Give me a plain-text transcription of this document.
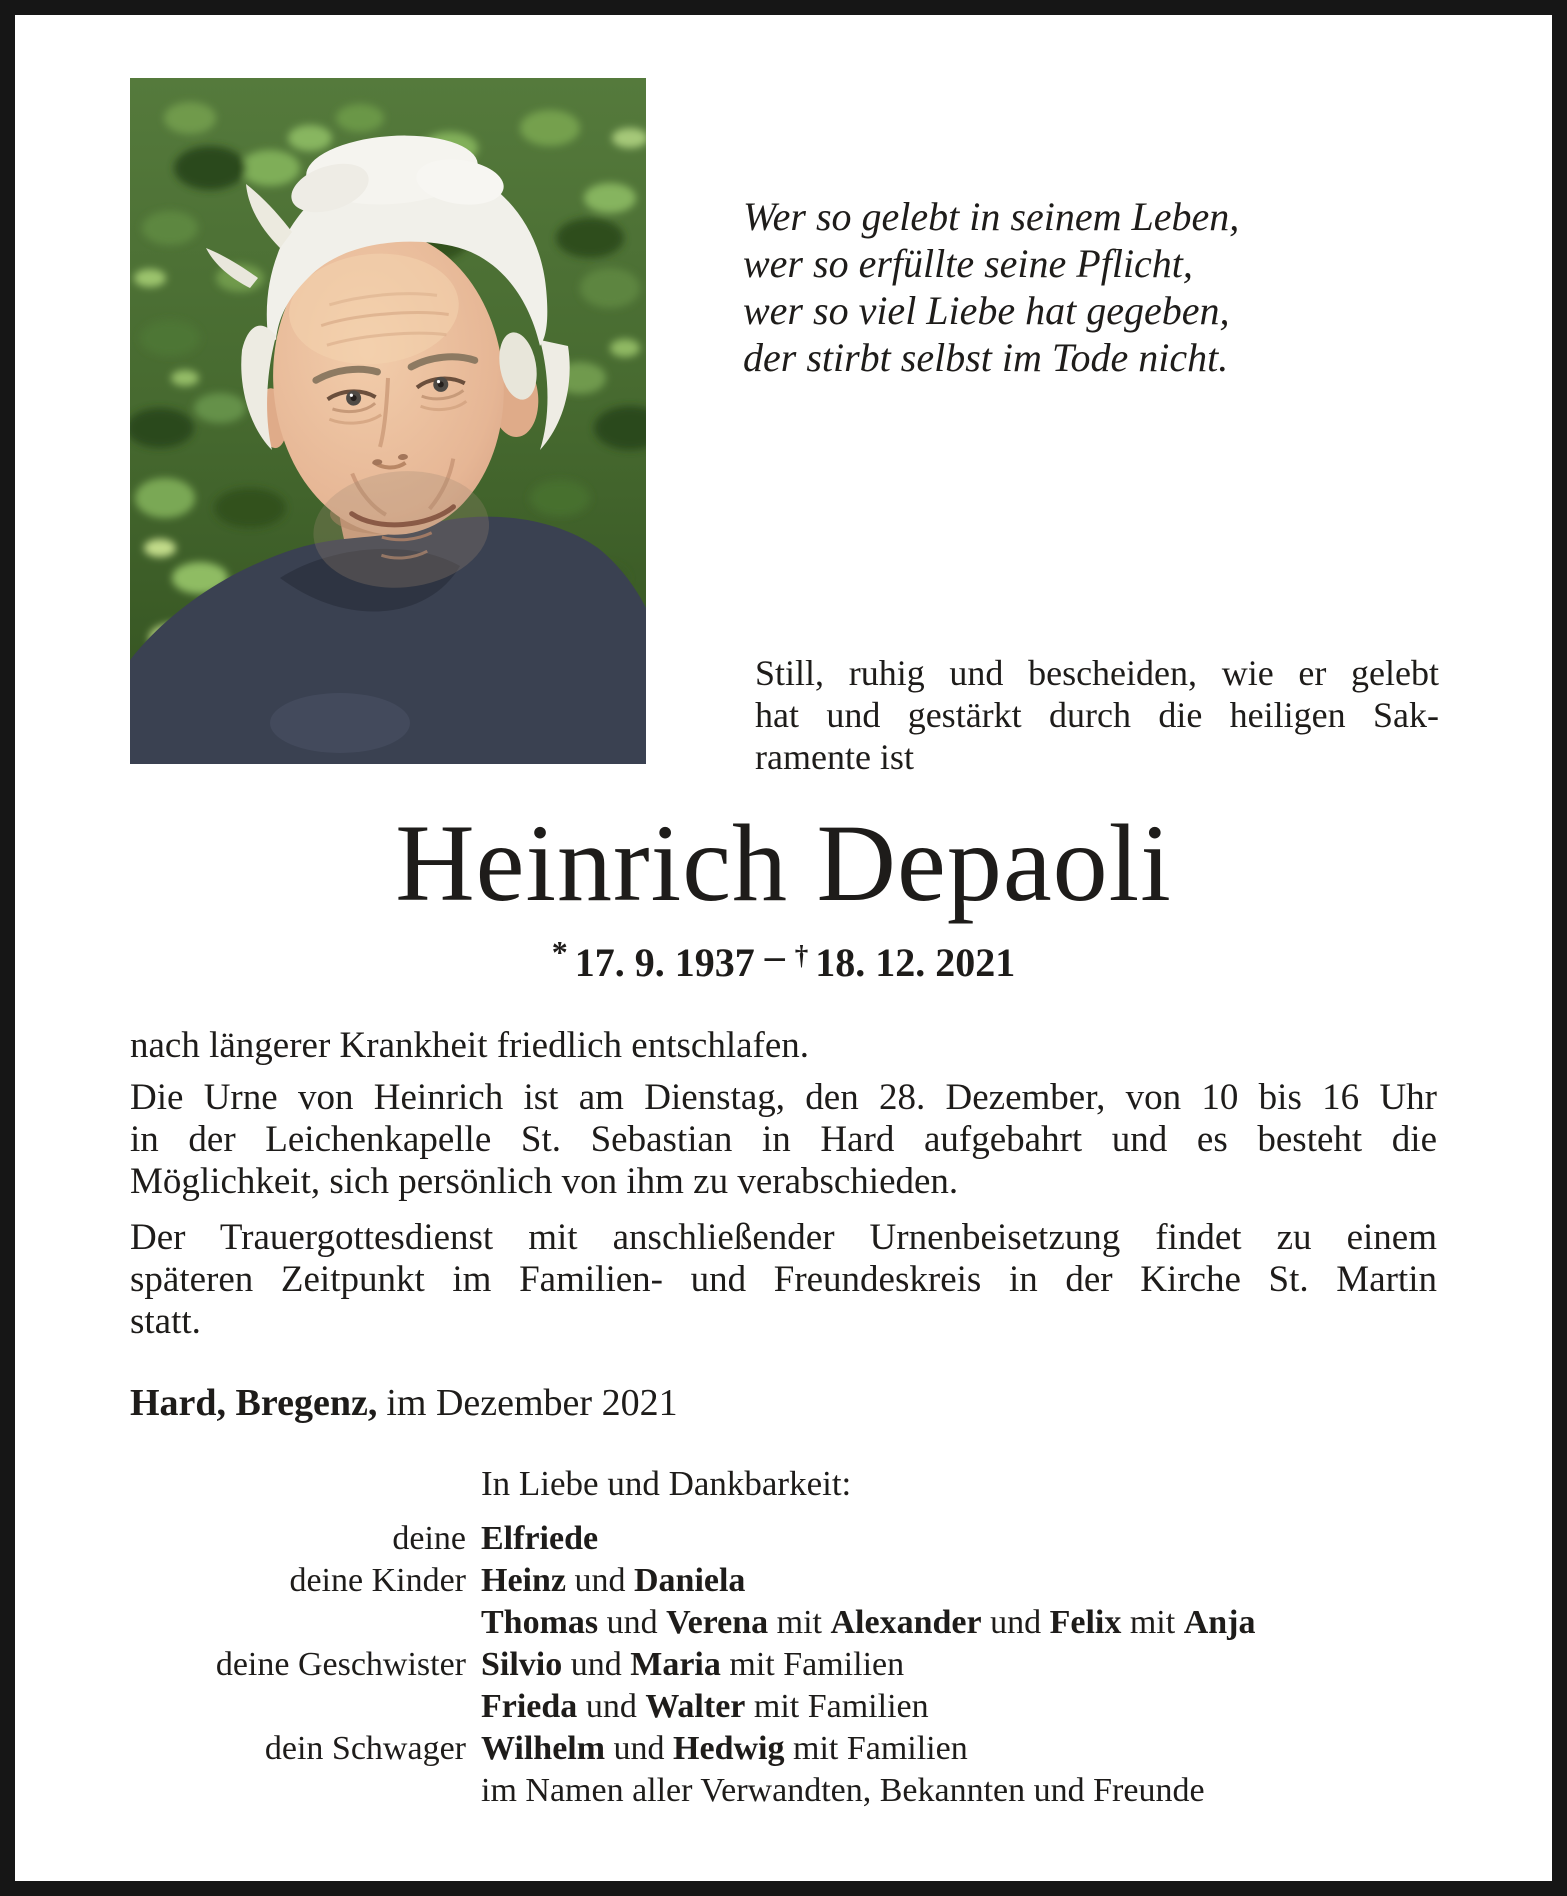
Wer so gelebt in seinem Leben,
wer so erfüllte seine Pflicht,
wer so viel Liebe hat gegeben,
der stirbt selbst im Tode nicht.
Still, ruhig und bescheiden, wie er gelebt
hat und gestärkt durch die heiligen Sak-
ramente ist
Heinrich Depaoli
* 17. 9. 1937 – † 18. 12. 2021
nach längerer Krankheit friedlich entschlafen.
Die Urne von Heinrich ist am Dienstag, den 28. Dezember, von 10 bis 16 Uhr
in der Leichenkapelle St. Sebastian in Hard aufgebahrt und es besteht die
Möglichkeit, sich persönlich von ihm zu verabschieden.
Der Trauergottesdienst mit anschließender Urnenbeisetzung findet zu einem
späteren Zeitpunkt im Familien- und Freundeskreis in der Kirche St. Martin
statt.
Hard, Bregenz, im Dezember 2021
In Liebe und Dankbarkeit:
deine Elfriede
deine Kinder Heinz und Daniela
Thomas und Verena mit Alexander und Felix mit Anja
deine Geschwister Silvio und Maria mit Familien
Frieda und Walter mit Familien
dein Schwager Wilhelm und Hedwig mit Familien
im Namen aller Verwandten, Bekannten und Freunde
